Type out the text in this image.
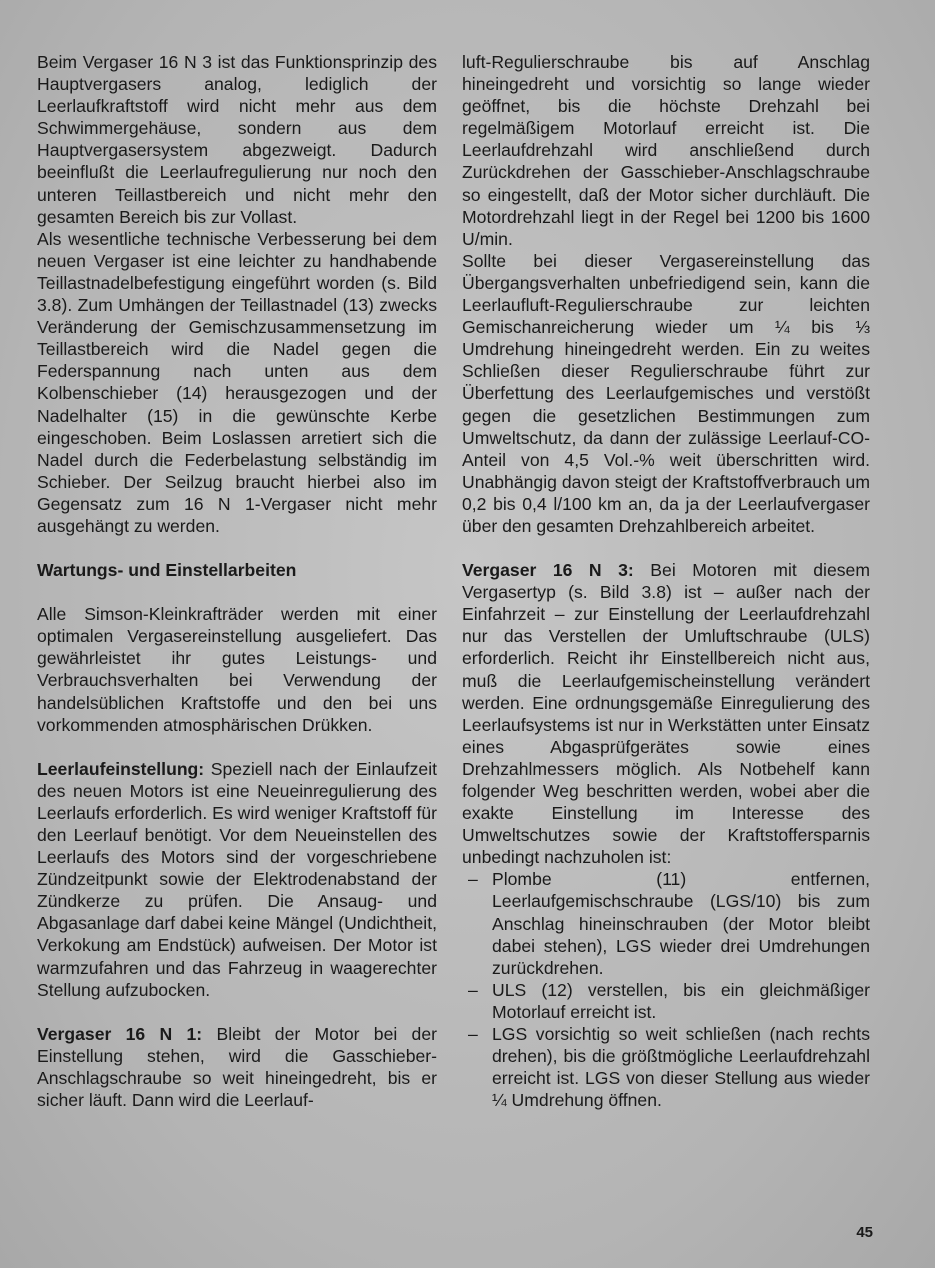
Beim Vergaser 16 N 3 ist das Funktionsprinzip des Hauptvergasers analog, lediglich der Leerlaufkraftstoff wird nicht mehr aus dem Schwimmergehäuse, sondern aus dem Hauptvergasersystem abgezweigt. Dadurch beeinflußt die Leerlaufregulierung nur noch den unteren Teillastbereich und nicht mehr den gesamten Bereich bis zur Vollast.

Als wesentliche technische Verbesserung bei dem neuen Vergaser ist eine leichter zu handhabende Teillastnadelbefestigung eingeführt worden (s. Bild 3.8). Zum Umhängen der Teillastnadel (13) zwecks Veränderung der Gemischzusammensetzung im Teillastbereich wird die Nadel gegen die Federspannung nach unten aus dem Kolbenschieber (14) herausgezogen und der Nadelhalter (15) in die gewünschte Kerbe eingeschoben. Beim Loslassen arretiert sich die Nadel durch die Federbelastung selbständig im Schieber. Der Seilzug braucht hierbei also im Gegensatz zum 16 N 1-Vergaser nicht mehr ausgehängt zu werden.

Wartungs- und Einstellarbeiten

Alle Simson-Kleinkrafträder werden mit einer optimalen Vergasereinstellung ausgeliefert. Das gewährleistet ihr gutes Leistungs- und Verbrauchsverhalten bei Verwendung der handelsüblichen Kraftstoffe und den bei uns vorkommenden atmosphärischen Drükken.

Leerlaufeinstellung: Speziell nach der Einlaufzeit des neuen Motors ist eine Neueinregulierung des Leerlaufs erforderlich. Es wird weniger Kraftstoff für den Leerlauf benötigt. Vor dem Neueinstellen des Leerlaufs des Motors sind der vorgeschriebene Zündzeitpunkt sowie der Elektrodenabstand der Zündkerze zu prüfen. Die Ansaug- und Abgasanlage darf dabei keine Mängel (Undichtheit, Verkokung am Endstück) aufweisen. Der Motor ist warmzufahren und das Fahrzeug in waagerechter Stellung aufzubocken.

Vergaser 16 N 1: Bleibt der Motor bei der Einstellung stehen, wird die Gasschieber-Anschlagschraube so weit hineingedreht, bis er sicher läuft. Dann wird die Leerlauf-

luft-Regulierschraube bis auf Anschlag hineingedreht und vorsichtig so lange wieder geöffnet, bis die höchste Drehzahl bei regelmäßigem Motorlauf erreicht ist. Die Leerlaufdrehzahl wird anschließend durch Zurückdrehen der Gasschieber-Anschlagschraube so eingestellt, daß der Motor sicher durchläuft. Die Motordrehzahl liegt in der Regel bei 1200 bis 1600 U/min.

Sollte bei dieser Vergasereinstellung das Übergangsverhalten unbefriedigend sein, kann die Leerlaufluft-Regulierschraube zur leichten Gemischanreicherung wieder um ¼ bis ⅓ Umdrehung hineingedreht werden. Ein zu weites Schließen dieser Regulierschraube führt zur Überfettung des Leerlaufgemisches und verstößt gegen die gesetzlichen Bestimmungen zum Umweltschutz, da dann der zulässige Leerlauf-CO-Anteil von 4,5 Vol.-% weit überschritten wird. Unabhängig davon steigt der Kraftstoffverbrauch um 0,2 bis 0,4 l/100 km an, da ja der Leerlaufvergaser über den gesamten Drehzahlbereich arbeitet.

Vergaser 16 N 3: Bei Motoren mit diesem Vergasertyp (s. Bild 3.8) ist – außer nach der Einfahrzeit – zur Einstellung der Leerlaufdrehzahl nur das Verstellen der Umluftschraube (ULS) erforderlich. Reicht ihr Einstellbereich nicht aus, muß die Leerlaufgemischeinstellung verändert werden. Eine ordnungsgemäße Einregulierung des Leerlaufsystems ist nur in Werkstätten unter Einsatz eines Abgasprüfgerätes sowie eines Drehzahlmessers möglich. Als Notbehelf kann folgender Weg beschritten werden, wobei aber die exakte Einstellung im Interesse des Umweltschutzes sowie der Kraftstoffersparnis unbedingt nachzuholen ist:

– Plombe (11) entfernen, Leerlaufgemischschraube (LGS/10) bis zum Anschlag hineinschrauben (der Motor bleibt dabei stehen), LGS wieder drei Umdrehungen zurückdrehen.
– ULS (12) verstellen, bis ein gleichmäßiger Motorlauf erreicht ist.
– LGS vorsichtig so weit schließen (nach rechts drehen), bis die größtmögliche Leerlaufdrehzahl erreicht ist. LGS von dieser Stellung aus wieder ¼ Umdrehung öffnen.
45
